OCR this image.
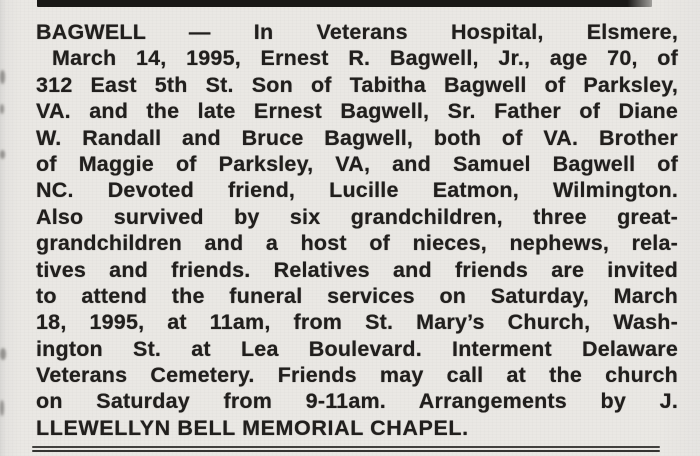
BAGWELL — In Veterans Hospital, Elsmere,
March 14, 1995, Ernest R. Bagwell, Jr., age 70, of
312 East 5th St. Son of Tabitha Bagwell of Parksley,
VA. and the late Ernest Bagwell, Sr. Father of Diane
W. Randall and Bruce Bagwell, both of VA. Brother
of Maggie of Parksley, VA, and Samuel Bagwell of
NC. Devoted friend, Lucille Eatmon, Wilmington.
Also survived by six grandchildren, three great-
grandchildren and a host of nieces, nephews, rela-
tives and friends. Relatives and friends are invited
to attend the funeral services on Saturday, March
18, 1995, at 11am, from St. Mary’s Church, Wash-
ington St. at Lea Boulevard. Interment Delaware
Veterans Cemetery. Friends may call at the church
on Saturday from 9-11am. Arrangements by J.
LLEWELLYN BELL MEMORIAL CHAPEL.
